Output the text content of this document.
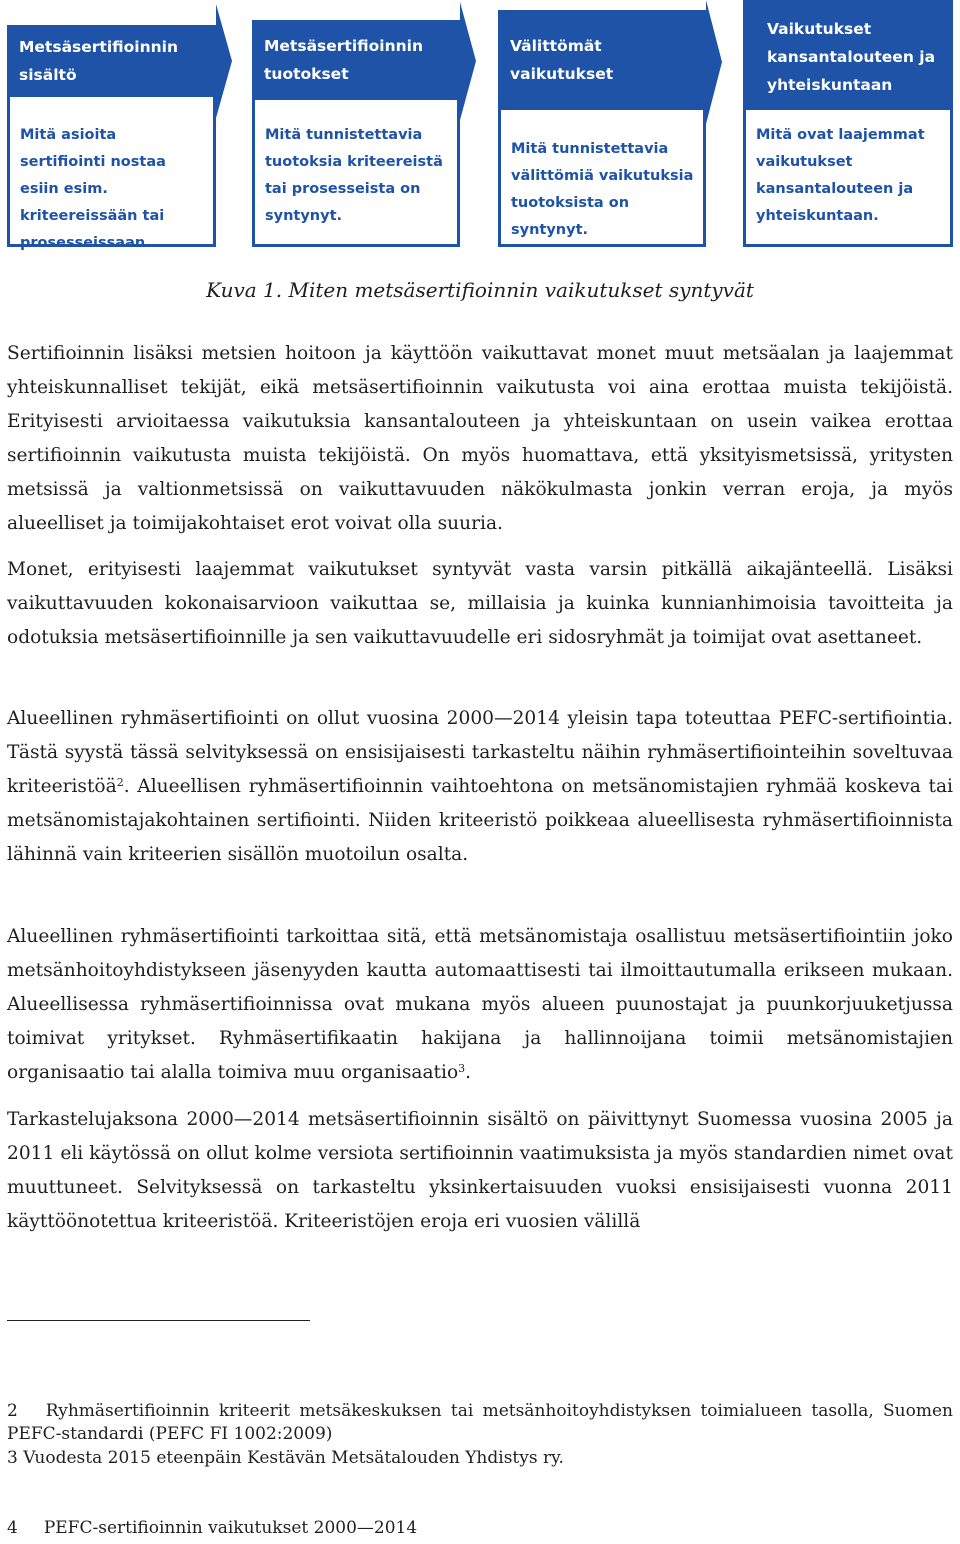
Metsäsertifioinnin sisältö
Mitä asioita sertifiointi nostaa esiin esim. kriteereissään tai prosesseissaan.
Metsäsertifioinnin tuotokset
Mitä tunnistettavia tuotoksia kriteereistä tai prosesseista on syntynyt.
Välittömät vaikutukset
Mitä tunnistettavia välittömiä vaikutuksia tuotoksista on syntynyt.
Vaikutukset kansantalouteen ja yhteiskuntaan
Mitä ovat laajemmat vaikutukset kansantalouteen ja yhteiskuntaan.
Kuva 1. Miten metsäsertifioinnin vaikutukset syntyvät

Sertifioinnin lisäksi metsien hoitoon ja käyttöön vaikuttavat monet muut metsäalan ja laajemmat yhteiskunnalliset tekijät, eikä metsäsertifioinnin vaikutusta voi aina erottaa muista tekijöistä. Erityisesti arvioitaessa vaikutuksia kansantalouteen ja yhteiskuntaan on usein vaikea erottaa sertifioinnin vaikutusta muista tekijöistä. On myös huomattava, että yksityismetsissä, yritysten metsissä ja valtionmetsissä on vaikuttavuuden näkökulmasta jonkin verran eroja, ja myös alueelliset ja toimijakohtaiset erot voivat olla suuria.

Monet, erityisesti laajemmat vaikutukset syntyvät vasta varsin pitkällä aikajänteellä. Lisäksi vaikuttavuuden kokonaisarvioon vaikuttaa se, millaisia ja kuinka kunnianhimoisia tavoitteita ja odotuksia metsäsertifioinnille ja sen vaikuttavuudelle eri sidosryhmät ja toimijat ovat asettaneet.

Alueellinen ryhmäsertifiointi on ollut vuosina 2000—2014 yleisin tapa toteuttaa PEFC-sertifiointia. Tästä syystä tässä selvityksessä on ensisijaisesti tarkasteltu näihin ryhmäsertifiointeihin soveltuvaa kriteeristöä$^2$. Alueellisen ryhmäsertifioinnin vaihtoehtona on metsänomistajien ryhmää koskeva tai metsänomistajakohtainen sertifiointi. Niiden kriteeristö poikkeaa alueellisesta ryhmäsertifioinnista lähinnä vain kriteerien sisällön muotoilun osalta.

Alueellinen ryhmäsertifiointi tarkoittaa sitä, että metsänomistaja osallistuu metsäsertifiointiin joko metsänhoitoyhdistykseen jäsenyyden kautta automaattisesti tai ilmoittautumalla erikseen mukaan. Alueellisessa ryhmäsertifioinnissa ovat mukana myös alueen puunostajat ja puunkorjuuketjussa toimivat yritykset. Ryhmäsertifikaatin hakijana ja hallinnoijana toimii metsänomistajien organisaatio tai alalla toimiva muu organisaatio$^3$.

Tarkastelujaksona 2000—2014 metsäsertifioinnin sisältö on päivittynyt Suomessa vuosina 2005 ja 2011 eli käytössä on ollut kolme versiota sertifioinnin vaatimuksista ja myös standardien nimet ovat muuttuneet. Selvityksessä on tarkasteltu yksinkertaisuuden vuoksi ensisijaisesti vuonna 2011 käyttöönotettua kriteeristöä. Kriteeristöjen eroja eri vuosien välillä

2 Ryhmäsertifioinnin kriteerit metsäkeskuksen tai metsänhoitoyhdistyksen toimialueen tasolla, Suomen PEFC-standardi (PEFC FI 1002:2009)

3 Vuodesta 2015 eteenpäin Kestävän Metsätalouden Yhdistys ry.

4 PEFC-sertifioinnin vaikutukset 2000—2014
